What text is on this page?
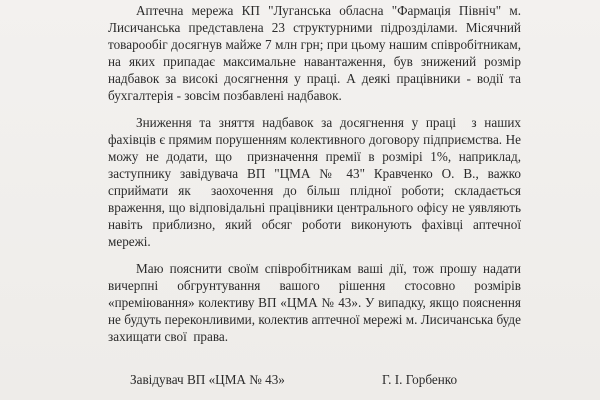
Аптечна мережа КП "Луганська обласна "Фармація Північ" м. Лисичанська представлена 23 структурними підрозділами. Місячний товарообіг досягнув майже 7 млн грн; при цьому нашим співробітникам, на яких припадає максимальне навантаження, був знижений розмір надбавок за високі досягнення у праці. А деякі працівники - водії та бухгалтерія - зовсім позбавлені надбавок.

Зниження та зняття надбавок за досягнення у праці  з наших фахівців є прямим порушенням колективного договору підприємства. Не можу не додати, що  призначення премії в розмірі 1%, наприклад,  заступнику завідувача ВП "ЦМА № 43" Кравченко О. В., важко сприймати як  заохочення до більш плідної роботи; складається враження, що відповідальні працівники центрального офісу не уявляють навіть приблизно, який обсяг роботи виконують фахівці аптечної мережі.

Маю пояснити своїм співробітникам ваші дії, тож прошу надати вичерпні обгрунтування вашого рішення стосовно розмірів «премiювання» колективу ВП «ЦМА № 43». У випадку, якщо пояснення не будуть переконливими, колектив аптечної мережі м. Лисичанська буде захищати свої  права.

Завідувач ВП «ЦМА № 43»	Г. І. Горбенко
